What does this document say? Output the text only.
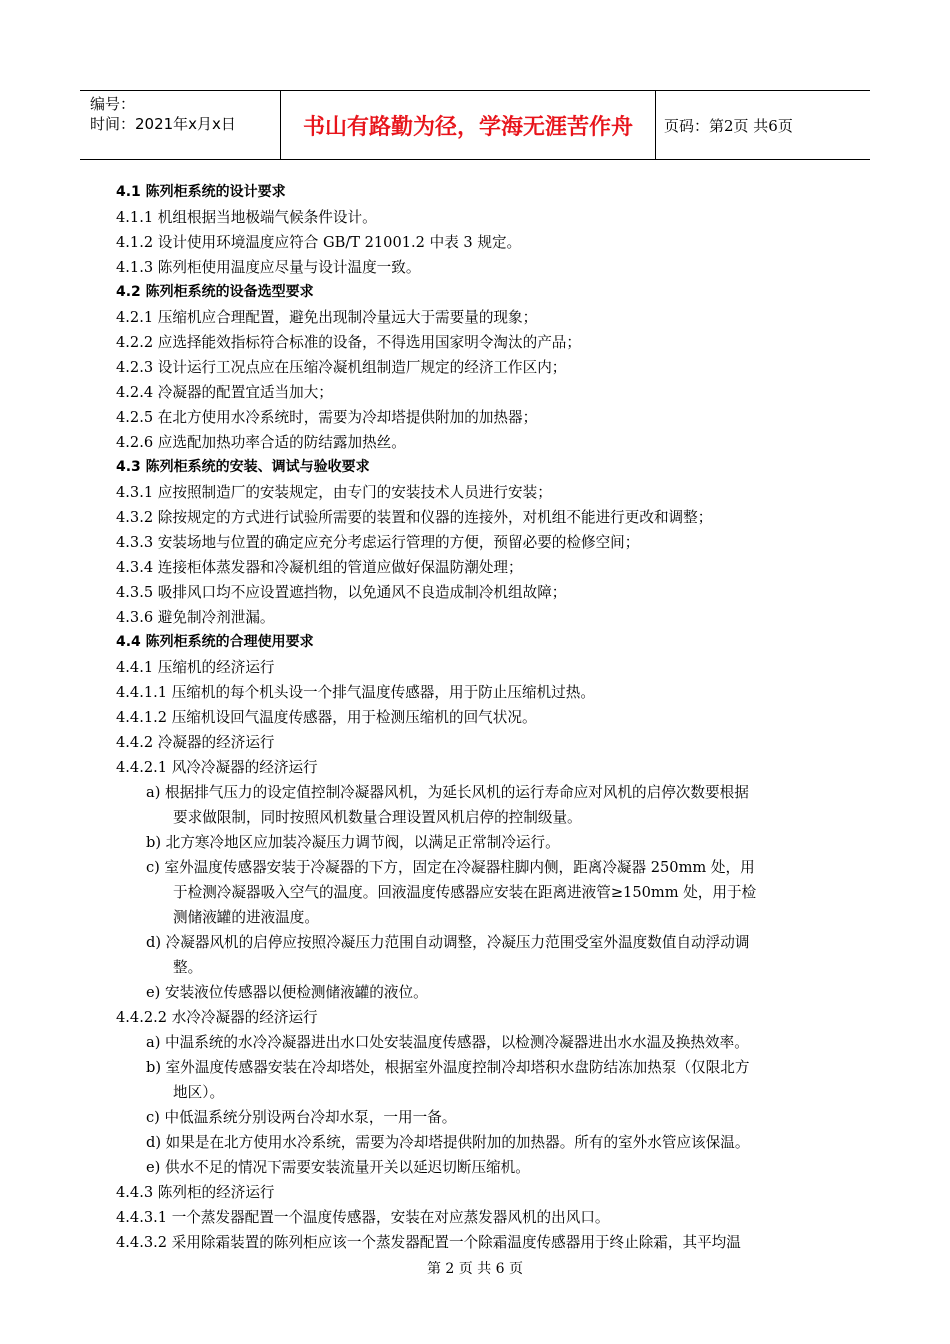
编号：
时间：2021年x月x日	书山有路勤为径，学海无涯苦作舟 页码：第2页 共6页
4.1 陈列柜系统的设计要求
4.1.1 机组根据当地极端气候条件设计。
4.1.2 设计使用环境温度应符合 GB/T 21001.2 中表 3 规定。
4.1.3 陈列柜使用温度应尽量与设计温度一致。
4.2 陈列柜系统的设备选型要求
4.2.1 压缩机应合理配置，避免出现制冷量远大于需要量的现象；
4.2.2 应选择能效指标符合标准的设备，不得选用国家明令淘汰的产品；
4.2.3 设计运行工况点应在压缩冷凝机组制造厂规定的经济工作区内；
4.2.4 冷凝器的配置宜适当加大；
4.2.5 在北方使用水冷系统时，需要为冷却塔提供附加的加热器；
4.2.6 应选配加热功率合适的防结露加热丝。
4.3 陈列柜系统的安装、调试与验收要求
4.3.1 应按照制造厂的安装规定，由专门的安装技术人员进行安装；
4.3.2 除按规定的方式进行试验所需要的装置和仪器的连接外，对机组不能进行更改和调整；
4.3.3 安装场地与位置的确定应充分考虑运行管理的方便，预留必要的检修空间；
4.3.4 连接柜体蒸发器和冷凝机组的管道应做好保温防潮处理；
4.3.5 吸排风口均不应设置遮挡物，以免通风不良造成制冷机组故障；
4.3.6 避免制冷剂泄漏。
4.4 陈列柜系统的合理使用要求
4.4.1 压缩机的经济运行
4.4.1.1 压缩机的每个机头设一个排气温度传感器，用于防止压缩机过热。
4.4.1.2 压缩机设回气温度传感器，用于检测压缩机的回气状况。
4.4.2 冷凝器的经济运行
4.4.2.1 风冷冷凝器的经济运行
a) 根据排气压力的设定值控制冷凝器风机，为延长风机的运行寿命应对风机的启停次数要根据
要求做限制，同时按照风机数量合理设置风机启停的控制级量。
b) 北方寒冷地区应加装冷凝压力调节阀，以满足正常制冷运行。
c) 室外温度传感器安装于冷凝器的下方，固定在冷凝器柱脚内侧，距离冷凝器 250mm 处，用
于检测冷凝器吸入空气的温度。回液温度传感器应安装在距离进液管≥150mm 处，用于检
测储液罐的进液温度。
d) 冷凝器风机的启停应按照冷凝压力范围自动调整，冷凝压力范围受室外温度数值自动浮动调
整。
e) 安装液位传感器以便检测储液罐的液位。
4.4.2.2 水冷冷凝器的经济运行
a) 中温系统的水冷冷凝器进出水口处安装温度传感器，以检测冷凝器进出水水温及换热效率。
b) 室外温度传感器安装在冷却塔处，根据室外温度控制冷却塔积水盘防结冻加热泵（仅限北方
地区）。
c) 中低温系统分别设两台冷却水泵，一用一备。
d) 如果是在北方使用水冷系统，需要为冷却塔提供附加的加热器。所有的室外水管应该保温。
e) 供水不足的情况下需要安装流量开关以延迟切断压缩机。
4.4.3 陈列柜的经济运行
4.4.3.1 一个蒸发器配置一个温度传感器，安装在对应蒸发器风机的出风口。
4.4.3.2 采用除霜装置的陈列柜应该一个蒸发器配置一个除霜温度传感器用于终止除霜，其平均温
第 2 页 共 6 页
